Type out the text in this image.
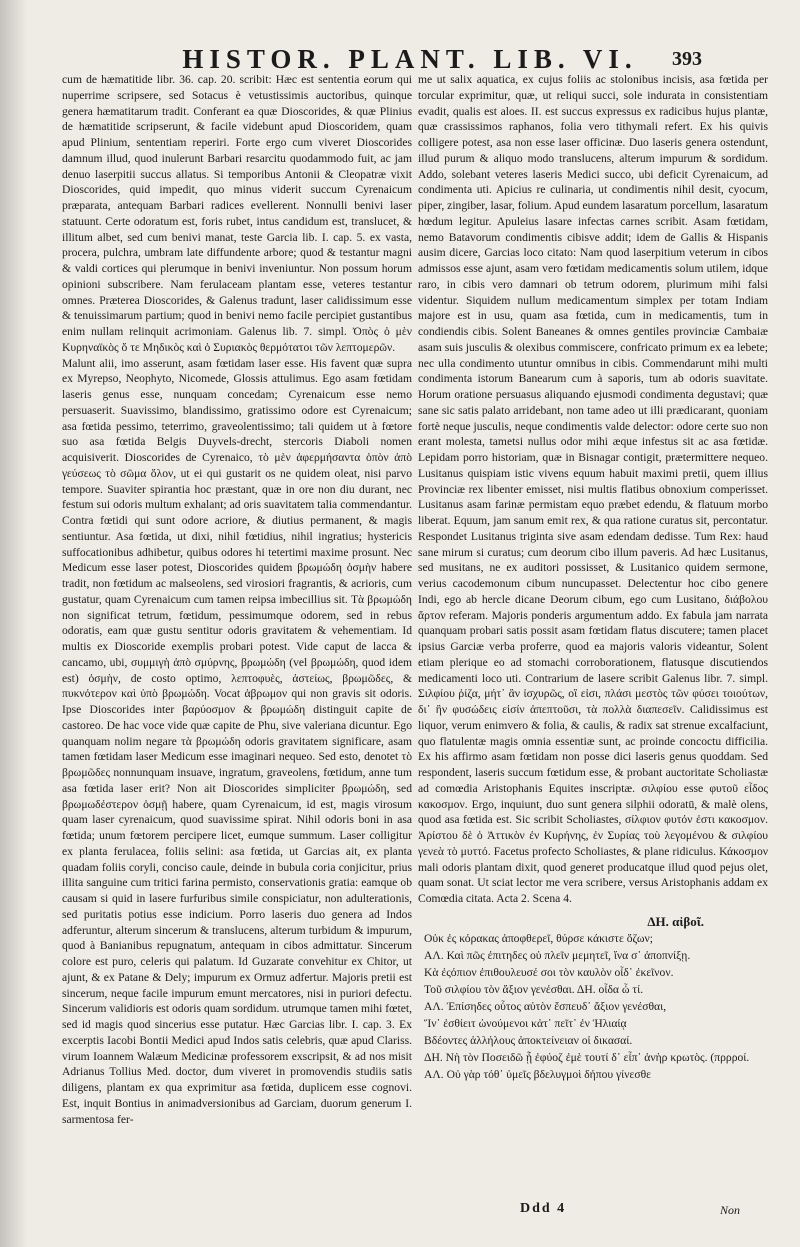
HISTOR. PLANT. LIB. VI. 393

cum de hæmatitide libr. 36. cap. 20. scribit: Hæc est sententia eorum qui nuperrime scripsere, sed Sotacus è vetustissimis auctoribus, quinque genera hæmatitarum tradit. Conferant ea quæ Dioscorides, & quæ Plinius de hæmatitide scripserunt, & facile videbunt apud Dioscoridem, quam apud Plinium, sententiam reperiri. Forte ergo cum viveret Dioscorides damnum illud, quod inulerunt Barbari resarcitu quodammodo fuit, ac jam denuo laserpitii succus allatus. Si temporibus Antonii & Cleopatræ vixit Dioscorides, quid impedit, quo minus viderit succum Cyrenaicum præparata, antequam Barbari radices evellerent. Nonnulli benivi laser statuunt. Certe odoratum est, foris rubet, intus candidum est, translucet, & illitum albet, sed cum benivi manat, teste Garcia lib. I. cap. 5. ex vasta, procera, pulchra, umbram late diffundente arbore; quod & testantur magni & valdi cortices qui plerumque in benivi inveniuntur. Non possum horum opinioni subscribere. Nam ferulaceam plantam esse, veteres testantur omnes. Præterea Dioscorides, & Galenus tradunt, laser calidissimum esse & tenuissimarum partium; quod in benivi nemo facile percipiet gustantibus enim nullam relinquit acrimoniam. Galenus lib. 7. simpl. Ὀπὸς ὁ μὲν Κυρηναϊκὸς ὅ τε Μηδικὸς καὶ ὁ Συριακὸς θερμότατοι τῶν λεπτομερῶν.

Malunt alii, imo asserunt, asam fœtidam laser esse. His favent quæ supra ex Myrepso, Neophyto, Nicomede, Glossis attulimus. Ego asam fœtidam laseris genus esse, nunquam concedam; Cyrenaicum esse nemo persuaserit. Suavissimo, blandissimo, gratissimo odore est Cyrenaicum; asa fœtida pessimo, teterrimo, graveolentissimo; tali quidem ut à fœtore suo asa fœtida Belgis Duyvels-drecht, stercoris Diaboli nomen acquisiverit. Dioscorides de Cyrenaico, τὸ μὲν ἀφερμήσαντα ὁπὸν ἀπὸ γεύσεως τὸ σῶμα ὅλον, ut ei qui gustarit os ne quidem oleat, nisi parvo tempore. Suaviter spirantia hoc præstant, quæ in ore non diu durant, nec festum sui odoris multum exhalant; ad oris suavitatem talia commendantur. Contra fœtidi qui sunt odore acriore, & diutius permanent, & magis sentiuntur. Asa fœtida, ut dixi, nihil fœtidius, nihil ingratius; hystericis suffocationibus adhibetur, quibus odores hi tetertimi maxime prosunt. Nec Medicum esse laser potest, Dioscorides quidem βρωμώδη ὀσμὴν habere tradit, non fœtidum ac malseolens, sed virosiori fragrantis, & acrioris, cum gustatur, quam Cyrenaicum cum tamen reipsa imbecillius sit. Τὰ βρωμώδη non significat tetrum, fœtidum, pessimumque odorem, sed in rebus odoratis, eam quæ gustu sentitur odoris gravitatem & vehementiam. Id multis ex Dioscoride exemplis probari potest. Vide caput de lacca & cancamo, ubi, συμμιγὴ ἀπὸ σμύρνης, βρωμώδη (vel βρωμώδη, quod idem est) ὀσμὴν, de costo optimo, λεπτοφυὲς, ἀστείως, βρωμῶδες, & πυκνότερον καὶ ὑπὸ βρωμώδη. Vocat ἀβρωμον qui non gravis sit odoris. Ipse Dioscorides inter βαρύοσμον & βρωμώδη distinguit capite de castoreo. De hac voce vide quæ capite de Phu, sive valeriana dicuntur. Ego quanquam nolim negare τὰ βρωμώδη odoris gravitatem significare, asam tamen fœtidam laser Medicum esse imaginari nequeo. Sed esto, denotet τὸ βρωμῶδες nonnunquam insuave, ingratum, graveolens, fœtidum, anne tum asa fœtida laser erit? Non ait Dioscorides simpliciter βρωμώδη, sed βρωμωδέστερον ὀσμῇ habere, quam Cyrenaicum, id est, magis virosum quam laser cyrenaicum, quod suavissime spirat. Nihil odoris boni in asa fœtida; unum fœtorem percipere licet, eumque summum. Laser colligitur ex planta ferulacea, foliis selini: asa fœtida, ut Garcias ait, ex planta quadam foliis coryli, conciso caule, deinde in bubula coria conjicitur, prius illita sanguine cum tritici farina permisto, conservationis gratia: eamque ob causam si quid in lasere furfuribus simile conspiciatur, non adulterationis, sed puritatis potius esse indicium. Porro laseris duo genera ad Indos adferuntur, alterum sincerum & translucens, alterum turbidum & impurum, quod à Banianibus repugnatum, antequam in cibos admittatur. Sincerum colore est puro, celeris qui palatum. Id Guzarate convehitur ex Chitor, ut ajunt, & ex Patane & Dely; impurum ex Ormuz adfertur. Majoris pretii est sincerum, neque facile impurum emunt mercatores, nisi in puriori defectu. Sincerum validioris est odoris quam sordidum. utrumque tamen mihi fœtet, sed id magis quod sincerius esse putatur. Hæc Garcias libr. I. cap. 3. Ex excerptis Iacobi Bontii Medici apud Indos satis celebris, quæ apud Clariss. virum Ioannem Walæum Medicinæ professorem exscripsit, & ad nos misit Adrianus Tollius Med. doctor, dum viveret in promovendis studiis satis diligens, plantam ex qua exprimitur asa fœtida, duplicem esse cognovi. Est, inquit Bontius in animadversionibus ad Garciam, duorum generum I. sarmentosa fer-

me ut salix aquatica, ex cujus foliis ac stolonibus incisis, asa fœtida per torcular exprimitur, quæ, ut reliqui succi, sole indurata in consistentiam evadit, qualis est aloes. II. est succus expressus ex radicibus hujus plantæ, quæ crassissimos raphanos, folia vero tithymali refert. Ex his quivis colligere potest, asa non esse laser officinæ. Duo laseris genera ostendunt, illud purum & aliquo modo translucens, alterum impurum & sordidum. Addo, solebant veteres laseris Medici succo, ubi deficit Cyrenaicum, ad condimenta uti. Apicius re culinaria, ut condimentis nihil desit, cyocum, piper, zingiber, lasar, folium. Apud eundem lasaratum porcellum, lasaratum hœdum legitur. Apuleius lasare infectas carnes scribit. Asam fœtidam, nemo Batavorum condimentis cibisve addit; idem de Gallis & Hispanis ausim dicere, Garcias loco citato: Nam quod laserpitium veterum in cibos admissos esse ajunt, asam vero fœtidam medicamentis solum utilem, idque raro, in cibis vero damnari ob tetrum odorem, plurimum mihi falsi videntur. Siquidem nullum medicamentum simplex per totam Indiam majore est in usu, quam asa fœtida, cum in medicamentis, tum in condiendis cibis. Solent Baneanes & omnes gentiles provinciæ Cambaiæ asam suis jusculis & olexibus commiscere, confricato primum ex ea lebete; nec ulla condimento utuntur omnibus in cibis. Commendarunt mihi multi condimenta istorum Banearum cum à saporis, tum ab odoris suavitate. Horum oratione persuasus aliquando ejusmodi condimenta degustavi; quæ sane sic satis palato arridebant, non tame adeo ut illi prædicarant, quoniam fortè neque jusculis, neque condimentis valde delector: odore certe suo non erant molesta, tametsi nullus odor mihi æque infestus sit ac asa fœtidæ. Lepidam porro historiam, quæ in Bisnagar contigit, prætermittere nequeo. Lusitanus quispiam istic vivens equum habuit maximi pretii, quem illius Provinciæ rex libenter emisset, nisi multis flatibus obnoxium comperisset. Lusitanus asam farinæ permistam equo præbet edendu, & flatuum morbo liberat. Equum, jam sanum emit rex, & qua ratione curatus sit, percontatur. Respondet Lusitanus triginta sive asam edendam dedisse. Tum Rex: haud sane mirum si curatus; cum deorum cibo illum paveris. Ad hæc Lusitanus, sed musitans, ne ex auditori possisset, & Lusitanico quidem sermone, verius cacodemonum cibum nuncupasset. Delectentur hoc cibo genere Indi, ego ab hercle dicane Deorum cibum, ego cum Lusitano, διάβολου ἄρτον referam. Majoris ponderis argumentum addo. Ex fabula jam narrata quanquam probari satis possit asam fœtidam flatus discutere; tamen placet ipsius Garciæ verba proferre, quod ea majoris valoris videantur, Solent etiam plerique eo ad stomachi corroborationem, flatusque discutiendos medicamenti loco uti. Contrarium de lasere scribit Galenus libr. 7. simpl. Σιλφίου ῥίζα, μήτ᾽ ἂν ἰσχυρῶς, οἳ εἰσι, πλάσι μεστὸς τῶν φύσει τοιούτων, δι᾽ ἣν φυσώδεις εἰσίν ἀπεπτοῦσι, τὰ πολλὰ διαπεσεῖν. Calidissimus est liquor, verum enimvero & folia, & caulis, & radix sat strenue excalfaciunt, quo flatulentæ magis omnia essentiæ sunt, ac proinde concoctu difficilia. Ex his affirmo asam fœtidam non posse dici laseris genus quoddam. Sed respondent, laseris succum fœtidum esse, & probant auctoritate Scholiastæ ad comœdia Aristophanis Equites inscriptæ. σιλφίου esse φυτοῦ εἶδος κακοσμον. Ergo, inquiunt, duo sunt genera silphii odoratū, & malè olens, quod asa fœtida est. Sic scribit Scholiastes, σίλφιον φυτόν ἐστι κακοσμον. Ἀρίστου δὲ ὁ Ἀττικὸν ἐν Κυρήνης, ἐν Συρίας τοὺ λεγομένου & σιλφίου γενεὰ τὸ μυττό. Facetus profecto Scholiastes, & plane ridiculus. Κάκοσμον mali odoris plantam dixit, quod generet producatque illud quod pejus olet, quam sonat. Ut sciat lector me vera scribere, versus Aristophanis addam ex Comœdia citata. Acta 2. Scena 4.

ΔΗ. αἰβοῖ.

Οὐκ ἐς κόρακας ἀποφθερεῖ, θύρσε κάκιστε ὄζων;

ΑΛ. Καὶ πῶς ἐπιτηδες οὐ πλεῖν μεμητεῖ, ἵνα σ᾽ ἀποπνίξῃ.

Κὰ ἐςόπιον ἐπιθουλευσέ σοι τὸν καυλὸν οἶδ᾽ ἐκεῖνον.

Τοῦ σιλφίου τὸν ἄξιον γενέσθαι. ΔΗ. οἶδα ὦ τί.

ΑΛ. Ἐπίσηδες οὗτος αὐτὸν ἔσπευδ᾽ ἄξιον γενέσθαι,

Ἵν᾽ ἐσθίειτ ὠνούμενοι κἀτ᾽ πεῖτ᾽ ἐν Ἡλιαίᾳ

Βδέοντες ἀλλήλους ἀποκτείνειαν οἱ δικασαί.

ΔΗ. Νὴ τὸν Ποσειδῶ ᾗ ἐφύοζ ἐμὲ τουτί δ᾽ εἶπ᾽ ἀνὴρ κρωτὸς. (πρρροί.

ΑΛ. Οὐ γὰρ τόθ᾽ ὑμεῖς βδελυγμοὶ δήπου γίνεσθε

Ddd 4	Non
